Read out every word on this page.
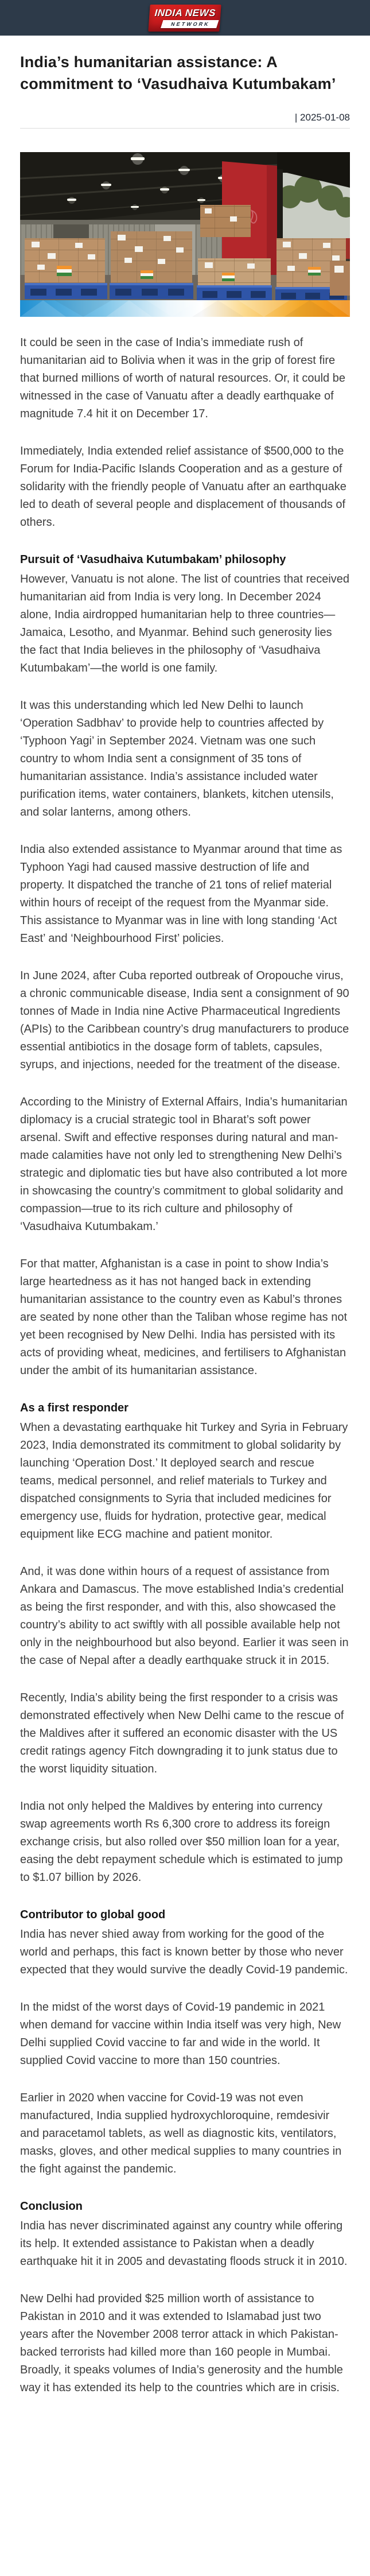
INDIA NEWS
NETWORK
India’s humanitarian assistance: A commitment to ‘Vasudhaiva Kutumbakam’
| 2025-01-08

It could be seen in the case of India’s immediate rush of humanitarian aid to Bolivia when it was in the grip of forest fire that burned millions of worth of natural resources. Or, it could be witnessed in the case of Vanuatu after a deadly earthquake of magnitude 7.4 hit it on December 17.

Immediately, India extended relief assistance of $500,000 to the Forum for India-Pacific Islands Cooperation and as a gesture of solidarity with the friendly people of Vanuatu after an earthquake led to death of several people and displacement of thousands of others.

Pursuit of ‘Vasudhaiva Kutumbakam’ philosophy

However, Vanuatu is not alone. The list of countries that received humanitarian aid from India is very long. In December 2024 alone, India airdropped humanitarian help to three countries— Jamaica, Lesotho, and Myanmar. Behind such generosity lies the fact that India believes in the philosophy of ‘Vasudhaiva Kutumbakam’—the world is one family.

It was this understanding which led New Delhi to launch ‘Operation Sadbhav’ to provide help to countries affected by ‘Typhoon Yagi’ in September 2024. Vietnam was one such country to whom India sent a consignment of 35 tons of humanitarian assistance. India’s assistance included water purification items, water containers, blankets, kitchen utensils, and solar lanterns, among others.

India also extended assistance to Myanmar around that time as Typhoon Yagi had caused massive destruction of life and property. It dispatched the tranche of 21 tons of relief material within hours of receipt of the request from the Myanmar side. This assistance to Myanmar was in line with long standing ‘Act East’ and ‘Neighbourhood First’ policies.

In June 2024, after Cuba reported outbreak of Oropouche virus, a chronic communicable disease, India sent a consignment of 90 tonnes of Made in India nine Active Pharmaceutical Ingredients (APIs) to the Caribbean country’s drug manufacturers to produce essential antibiotics in the dosage form of tablets, capsules, syrups, and injections, needed for the treatment of the disease.

According to the Ministry of External Affairs, India’s humanitarian diplomacy is a crucial strategic tool in Bharat’s soft power arsenal. Swift and effective responses during natural and man-made calamities have not only led to strengthening New Delhi’s strategic and diplomatic ties but have also contributed a lot more in showcasing the country’s commitment to global solidarity and compassion—true to its rich culture and philosophy of ‘Vasudhaiva Kutumbakam.’

For that matter, Afghanistan is a case in point to show India’s large heartedness as it has not hanged back in extending humanitarian assistance to the country even as Kabul’s thrones are seated by none other than the Taliban whose regime has not yet been recognised by New Delhi. India has persisted with its acts of providing wheat, medicines, and fertilisers to Afghanistan under the ambit of its humanitarian assistance.

As a first responder

When a devastating earthquake hit Turkey and Syria in February 2023, India demonstrated its commitment to global solidarity by launching ‘Operation Dost.’ It deployed search and rescue teams, medical personnel, and relief materials to Turkey and dispatched consignments to Syria that included medicines for emergency use, fluids for hydration, protective gear, medical equipment like ECG machine and patient monitor.

And, it was done within hours of a request of assistance from Ankara and Damascus. The move established India’s credential as being the first responder, and with this, also showcased the country’s ability to act swiftly with all possible available help not only in the neighbourhood but also beyond. Earlier it was seen in the case of Nepal after a deadly earthquake struck it in 2015.

Recently, India’s ability being the first responder to a crisis was demonstrated effectively when New Delhi came to the rescue of the Maldives after it suffered an economic disaster with the US credit ratings agency Fitch downgrading it to junk status due to the worst liquidity situation.

India not only helped the Maldives by entering into currency swap agreements worth Rs 6,300 crore to address its foreign exchange crisis, but also rolled over $50 million loan for a year, easing the debt repayment schedule which is estimated to jump to $1.07 billion by 2026.

Contributor to global good

India has never shied away from working for the good of the world and perhaps, this fact is known better by those who never expected that they would survive the deadly Covid-19 pandemic.

In the midst of the worst days of Covid-19 pandemic in 2021 when demand for vaccine within India itself was very high, New Delhi supplied Covid vaccine to far and wide in the world. It supplied Covid vaccine to more than 150 countries.

Earlier in 2020 when vaccine for Covid-19 was not even manufactured, India supplied hydroxychloroquine, remdesivir and paracetamol tablets, as well as diagnostic kits, ventilators, masks, gloves, and other medical supplies to many countries in the fight against the pandemic.

Conclusion

India has never discriminated against any country while offering its help. It extended assistance to Pakistan when a deadly earthquake hit it in 2005 and devastating floods struck it in 2010.

New Delhi had provided $25 million worth of assistance to Pakistan in 2010 and it was extended to Islamabad just two years after the November 2008 terror attack in which Pakistan-backed terrorists had killed more than 160 people in Mumbai. Broadly, it speaks volumes of India’s generosity and the humble way it has extended its help to the countries which are in crisis.
